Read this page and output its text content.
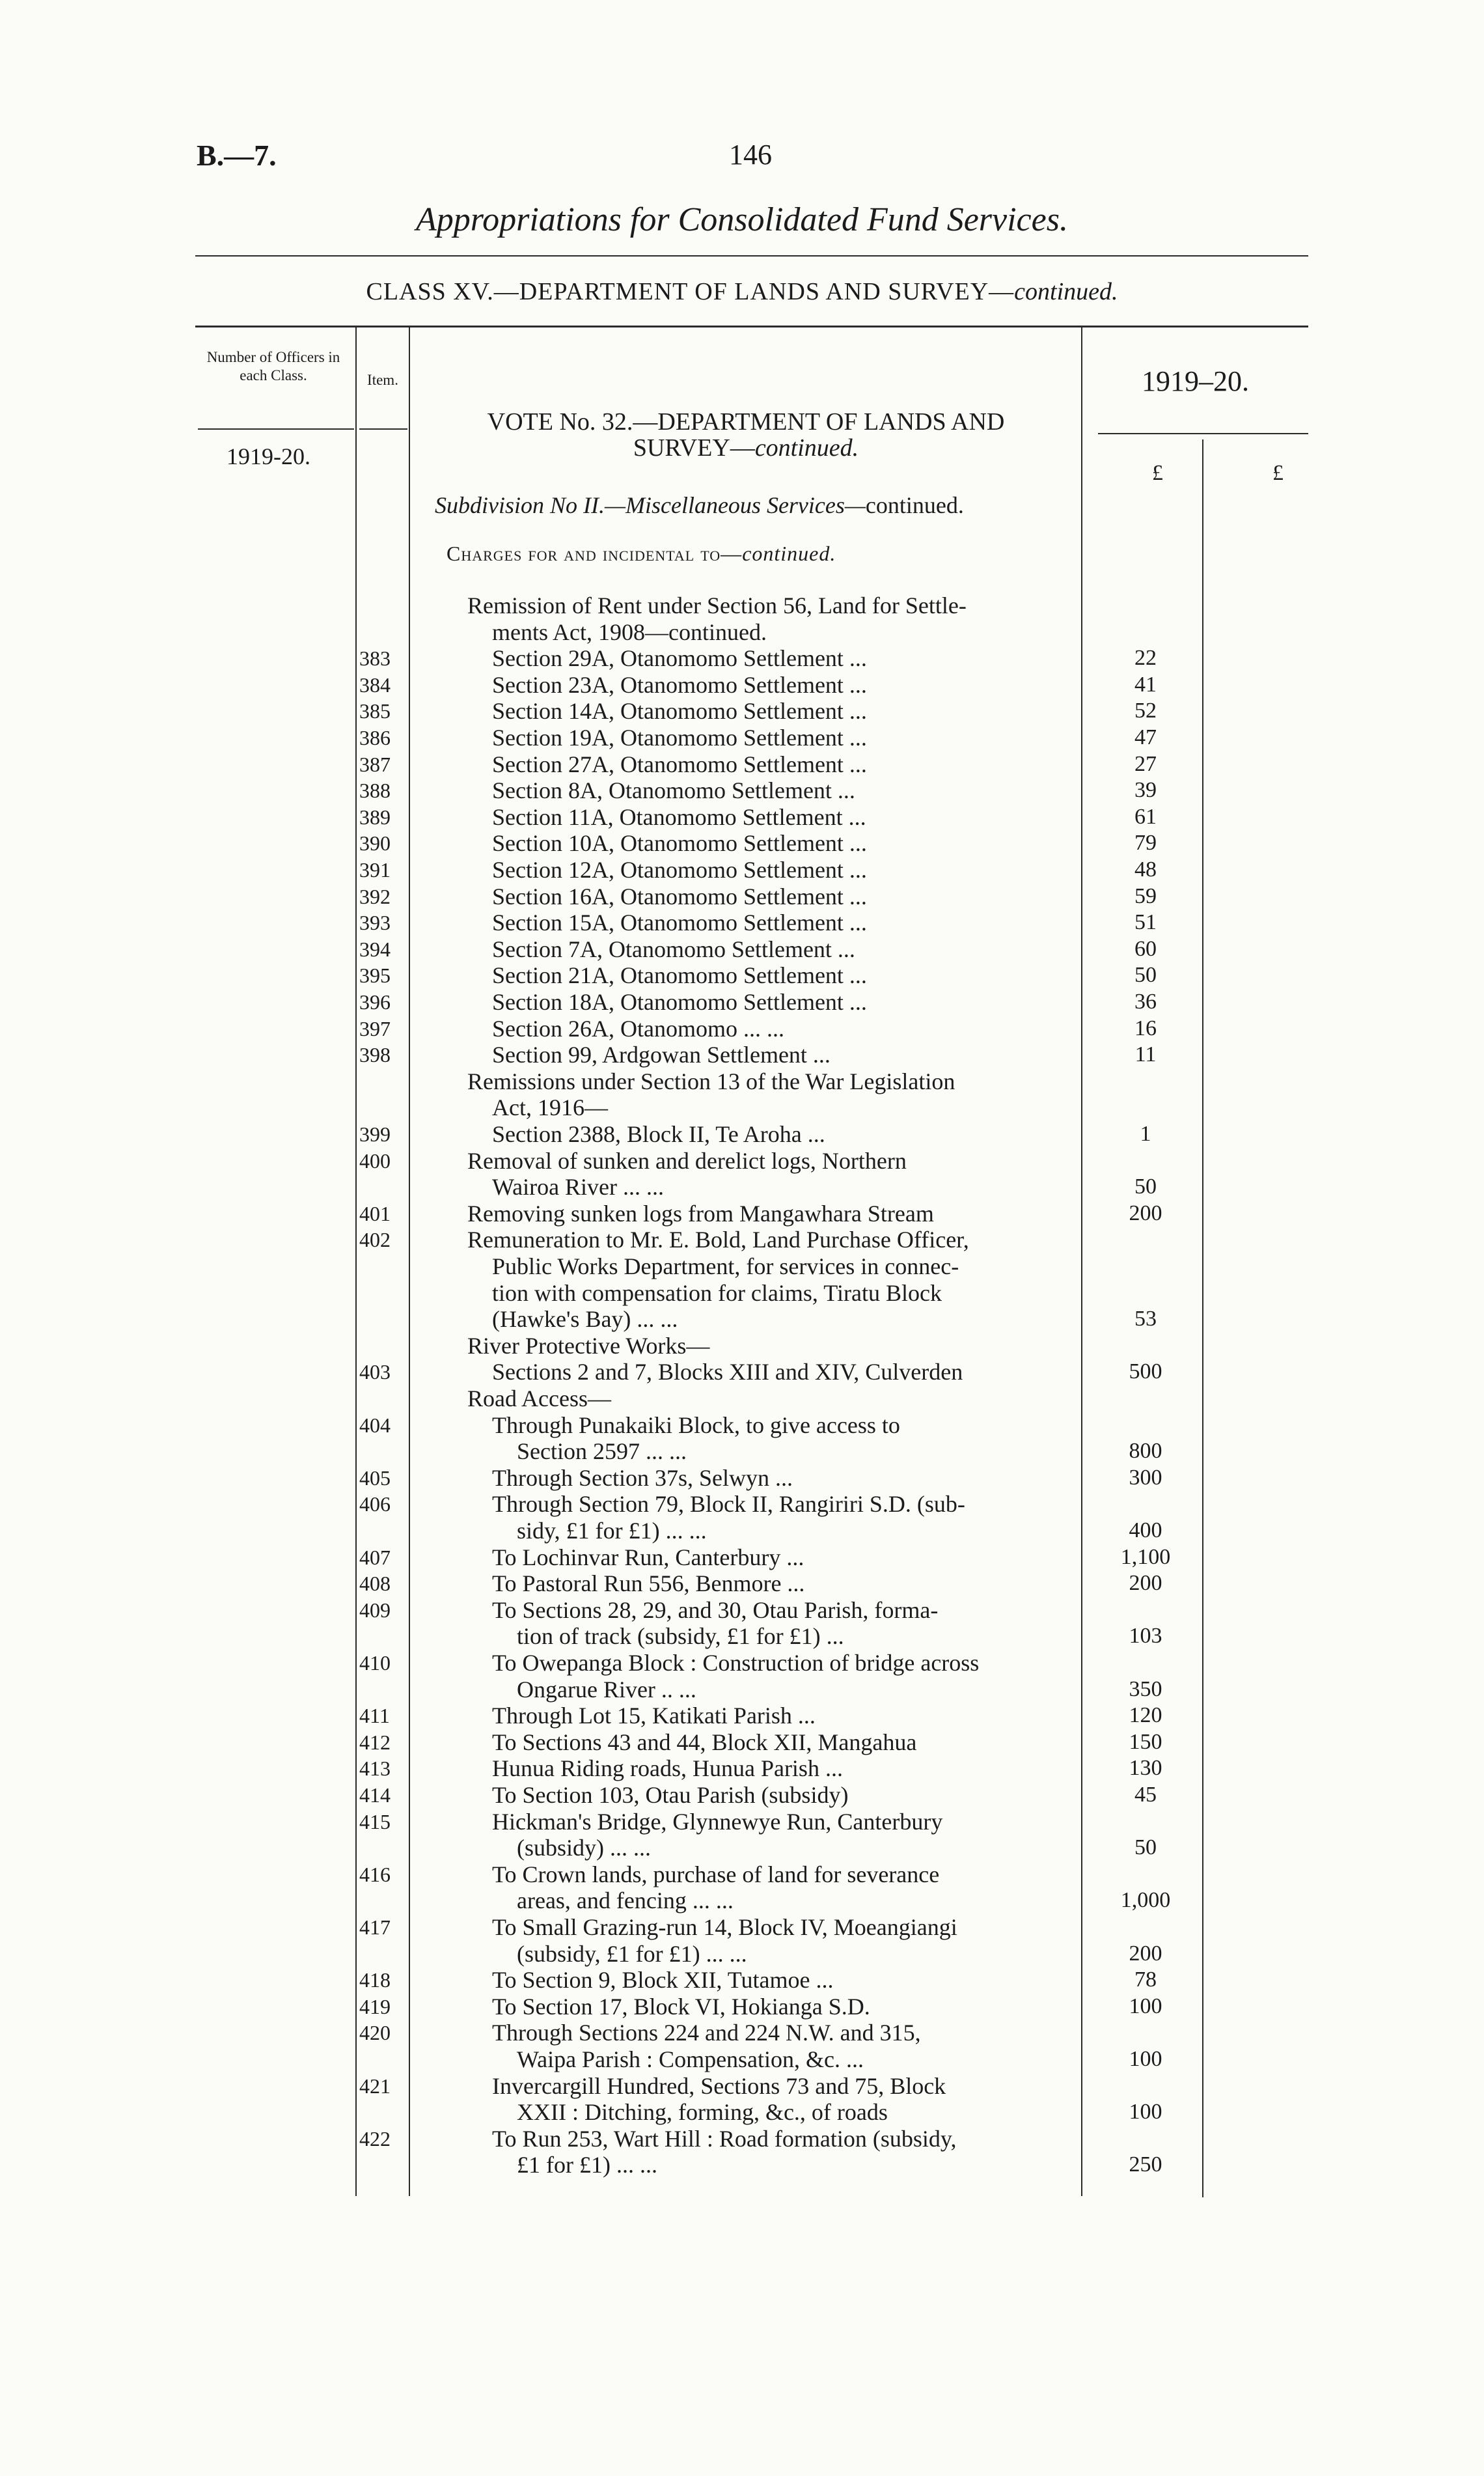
B.—7.	146
Appropriations for Consolidated Fund Services.
CLASS XV.—DEPARTMENT OF LANDS AND SURVEY—continued.
Number of Officers in each Class.	Item.
1919-20.
1919–20.
VOTE No. 32.—DEPARTMENT OF LANDS AND
SURVEY—continued.
Subdivision No II.—Miscellaneous Services—continued.
Charges for and incidental to—continued.
£	£
Remission of Rent under Section 56, Land for Settle-
ments Act, 1908—continued.
383	Section 29A, Otanomomo Settlement ...	22
384	Section 23A, Otanomomo Settlement ...	41
385	Section 14A, Otanomomo Settlement ...	52
386	Section 19A, Otanomomo Settlement ...	47
387	Section 27A, Otanomomo Settlement ...	27
388	Section 8A, Otanomomo Settlement ...	39
389	Section 11A, Otanomomo Settlement ...	61
390	Section 10A, Otanomomo Settlement ...	79
391	Section 12A, Otanomomo Settlement ...	48
392	Section 16A, Otanomomo Settlement ...	59
393	Section 15A, Otanomomo Settlement ...	51
394	Section 7A, Otanomomo Settlement ...	60
395	Section 21A, Otanomomo Settlement ...	50
396	Section 18A, Otanomomo Settlement ...	36
397	Section 26A, Otanomomo ... ...	16
398	Section 99, Ardgowan Settlement ...	11
Remissions under Section 13 of the War Legislation
Act, 1916—
399	Section 2388, Block II, Te Aroha ...	1
400	Removal of sunken and derelict logs, Northern
Wairoa River ... ...	50
401	Removing sunken logs from Mangawhara Stream	200
402	Remuneration to Mr. E. Bold, Land Purchase Officer,
Public Works Department, for services in connec-
tion with compensation for claims, Tiratu Block
(Hawke's Bay) ... ...	53
River Protective Works—
403	Sections 2 and 7, Blocks XIII and XIV, Culverden	500
Road Access—
404	Through Punakaiki Block, to give access to
Section 2597 ... ...	800
405	Through Section 37s, Selwyn ...	300
406	Through Section 79, Block II, Rangiriri S.D. (sub-
sidy, £1 for £1) ... ...	400
407	To Lochinvar Run, Canterbury ...	1,100
408	To Pastoral Run 556, Benmore ...	200
409	To Sections 28, 29, and 30, Otau Parish, forma-
tion of track (subsidy, £1 for £1) ...	103
410	To Owepanga Block : Construction of bridge across
Ongarue River .. ...	350
411	Through Lot 15, Katikati Parish ...	120
412	To Sections 43 and 44, Block XII, Mangahua	150
413	Hunua Riding roads, Hunua Parish ...	130
414	To Section 103, Otau Parish (subsidy)	45
415	Hickman's Bridge, Glynnewye Run, Canterbury
(subsidy) ... ...	50
416	To Crown lands, purchase of land for severance
areas, and fencing ... ...	1,000
417	To Small Grazing-run 14, Block IV, Moeangiangi
(subsidy, £1 for £1) ... ...	200
418	To Section 9, Block XII, Tutamoe ...	78
419	To Section 17, Block VI, Hokianga S.D.	100
420	Through Sections 224 and 224 N.W. and 315,
Waipa Parish : Compensation, &c. ...	100
421	Invercargill Hundred, Sections 73 and 75, Block
XXII : Ditching, forming, &c., of roads	100
422	To Run 253, Wart Hill : Road formation (subsidy,
£1 for £1) ... ...	250
